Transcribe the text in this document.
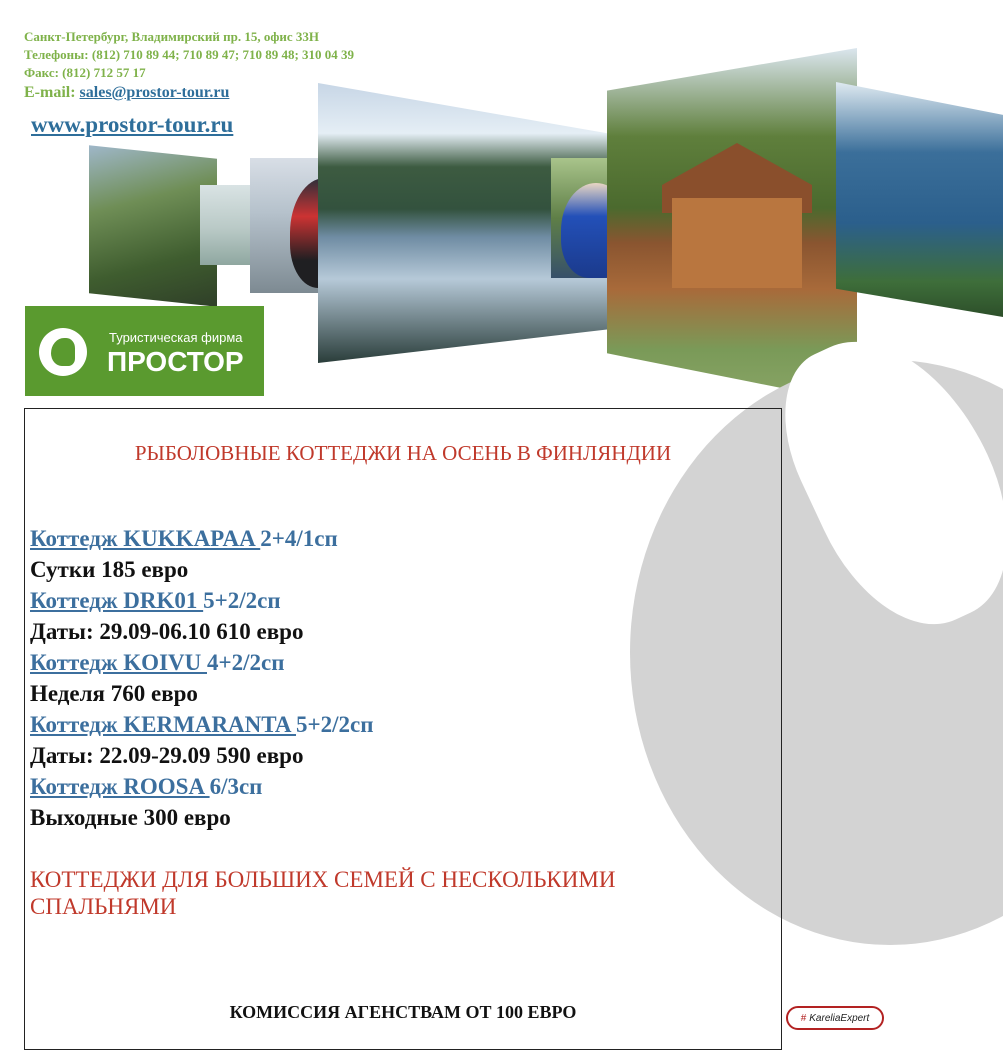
Санкт-Петербург, Владимирский пр. 15, офис 33Н
Телефоны: (812) 710 89 44; 710 89 47; 710 89 48; 310 04 39
Факс: (812) 712 57 17
E-mail: sales@prostor-tour.ru
www.prostor-tour.ru
Туристическая фирма
ПРОСТОР
РЫБОЛОВНЫЕ КОТТЕДЖИ НА ОСЕНЬ В ФИНЛЯНДИИ
Коттедж KUKKAPAA 2+4/1сп
Сутки 185 евро
Коттедж DRK01 5+2/2сп
Даты: 29.09-06.10 610 евро
Коттедж KOIVU 4+2/2сп
Неделя 760 евро
Коттедж KERMARANTA 5+2/2сп
Даты: 22.09-29.09 590 евро
Коттедж ROOSA 6/3сп
Выходные 300 евро
КОТТЕДЖИ ДЛЯ БОЛЬШИХ СЕМЕЙ С НЕСКОЛЬКИМИ СПАЛЬНЯМИ
КОМИССИЯ АГЕНСТВАМ ОТ 100 ЕВРО	# KareliaExpert
